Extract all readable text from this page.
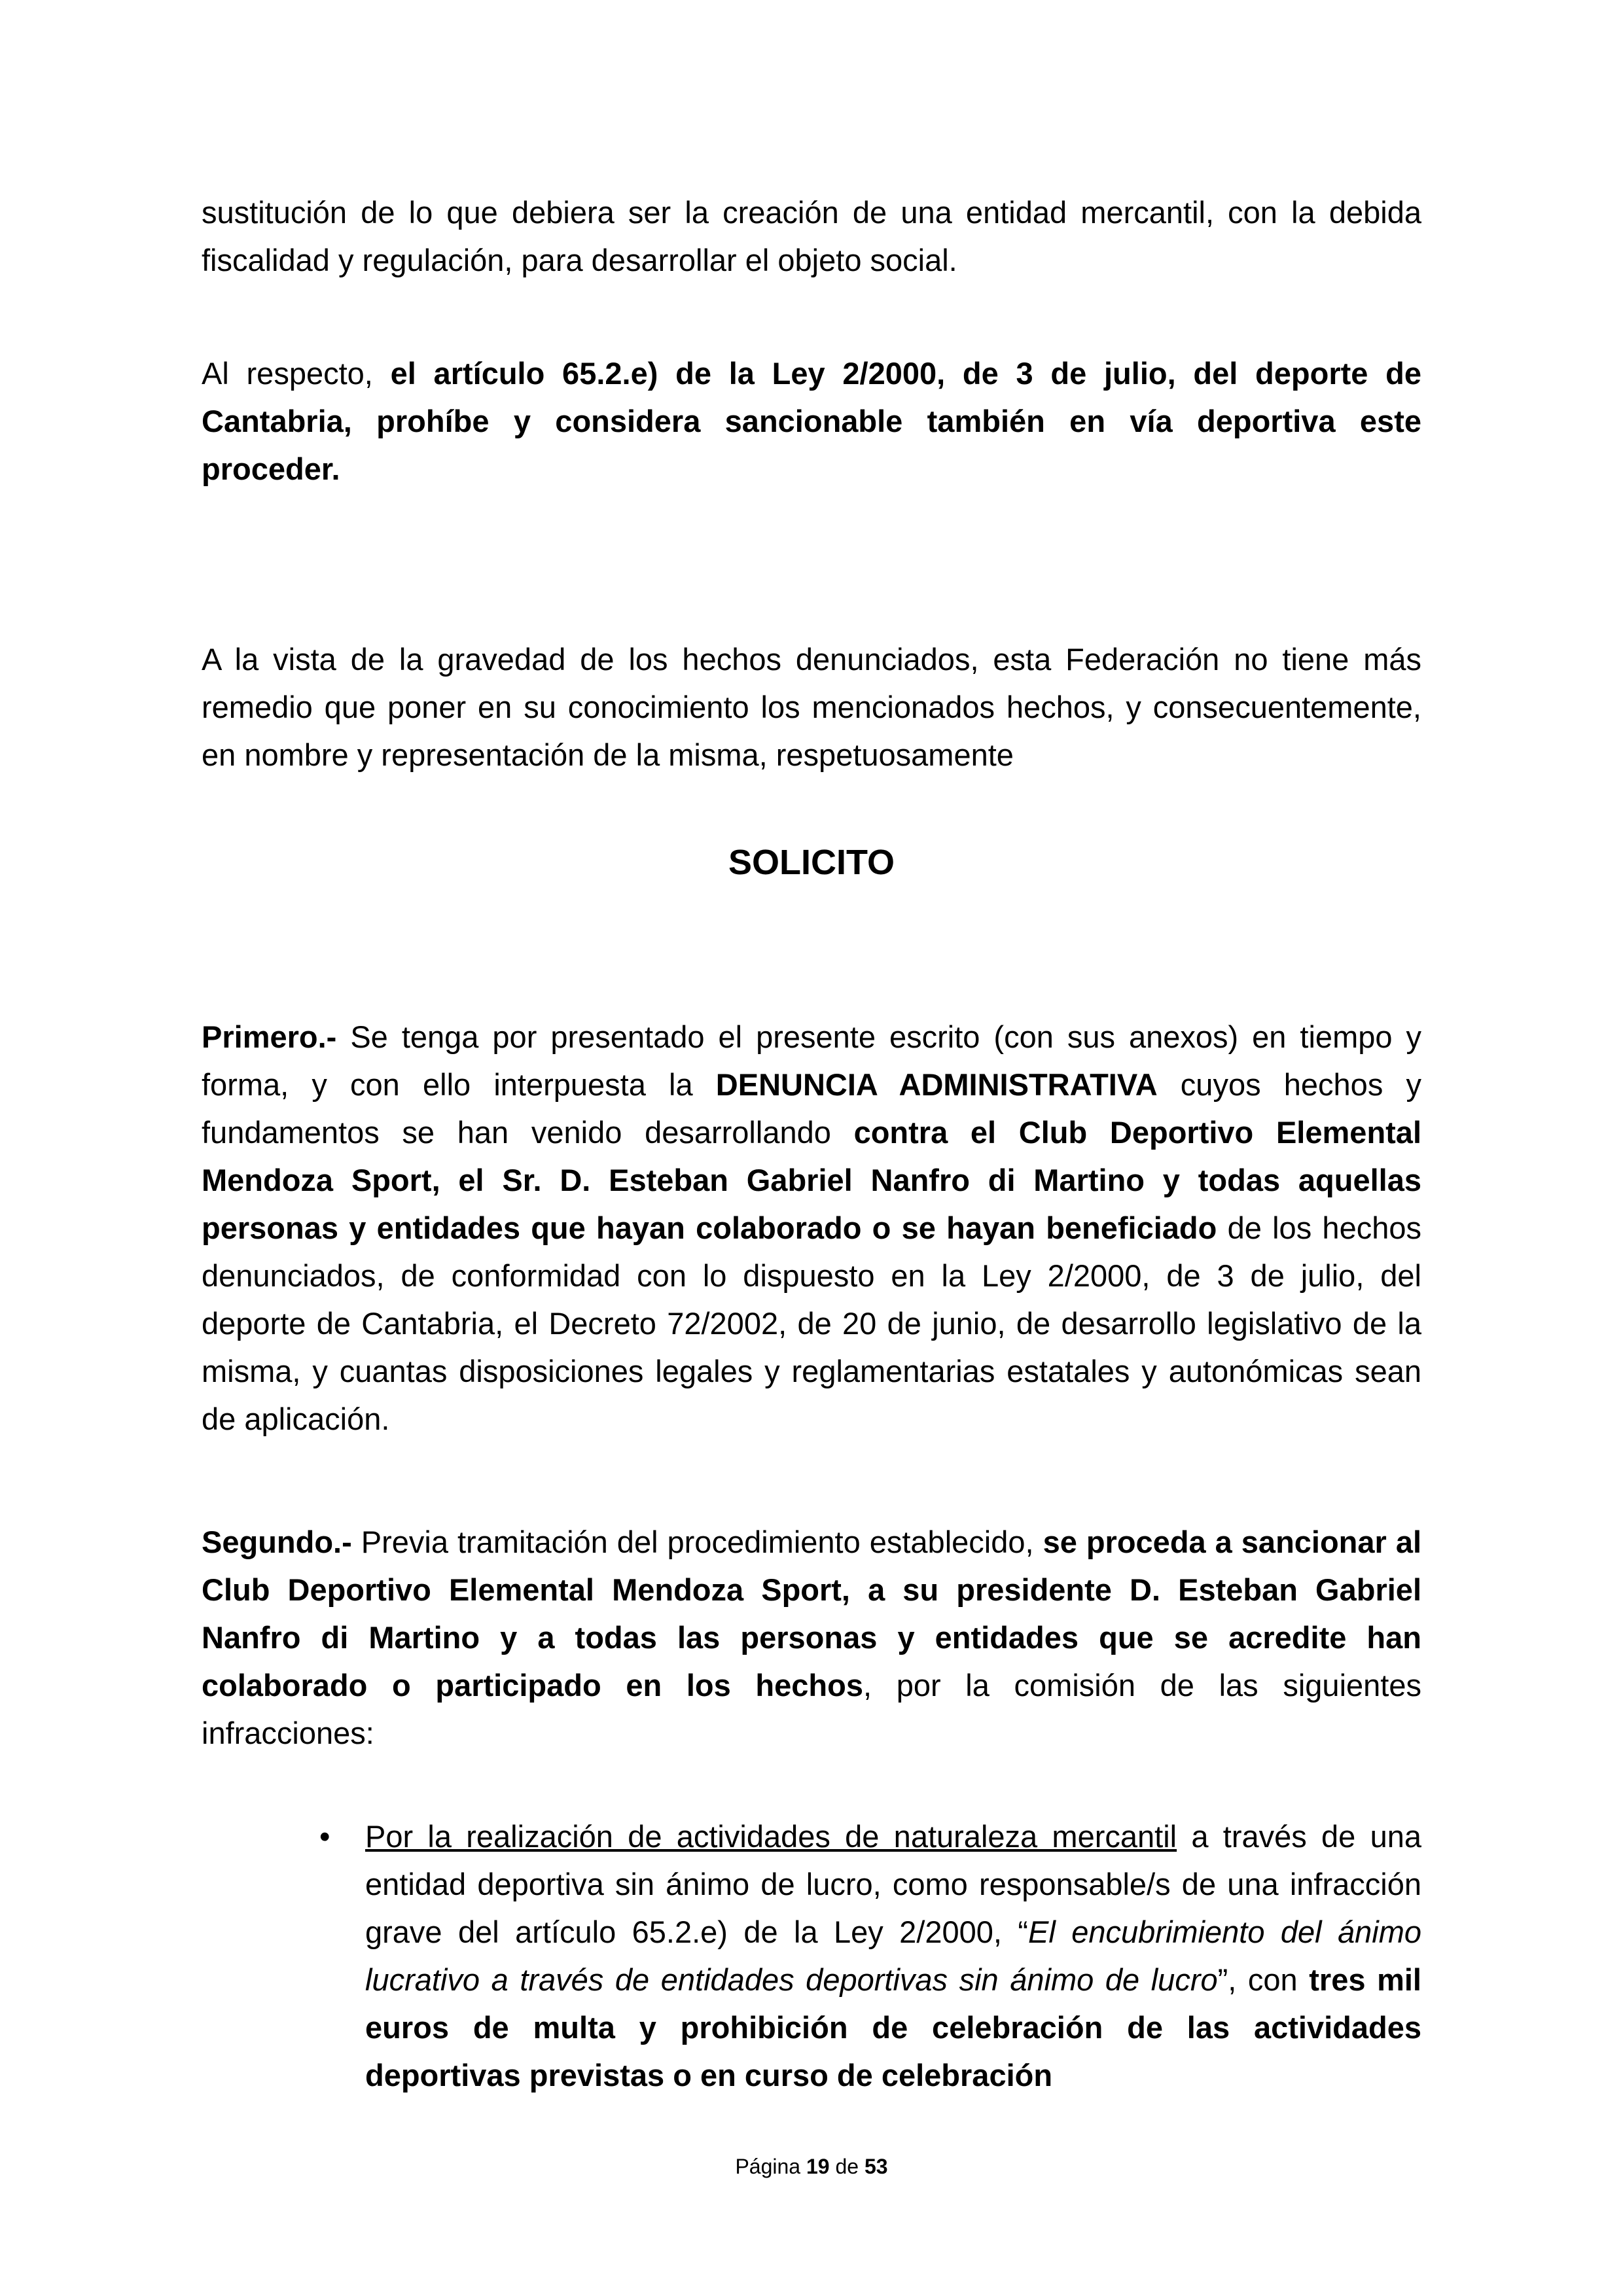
sustitución de lo que debiera ser la creación de una entidad mercantil, con la debida fiscalidad y regulación, para desarrollar el objeto social.

Al respecto, el artículo 65.2.e) de la Ley 2/2000, de 3 de julio, del deporte de Cantabria, prohíbe y considera sancionable también en vía deportiva este proceder.

A la vista de la gravedad de los hechos denunciados, esta Federación no tiene más remedio que poner en su conocimiento los mencionados hechos, y consecuentemente, en nombre y representación de la misma, respetuosamente

SOLICITO

Primero.- Se tenga por presentado el presente escrito (con sus anexos) en tiempo y forma, y con ello interpuesta la DENUNCIA ADMINISTRATIVA cuyos hechos y fundamentos se han venido desarrollando contra el Club Deportivo Elemental Mendoza Sport, el Sr. D. Esteban Gabriel Nanfro di Martino y todas aquellas personas y entidades que hayan colaborado o se hayan beneficiado de los hechos denunciados, de conformidad con lo dispuesto en la Ley 2/2000, de 3 de julio, del deporte de Cantabria, el Decreto 72/2002, de 20 de junio, de desarrollo legislativo de la misma, y cuantas disposiciones legales y reglamentarias estatales y autonómicas sean de aplicación.

Segundo.- Previa tramitación del procedimiento establecido, se proceda a sancionar al Club Deportivo Elemental Mendoza Sport, a su presidente D. Esteban Gabriel Nanfro di Martino y a todas las personas y entidades que se acredite han colaborado o participado en los hechos, por la comisión de las siguientes infracciones:

• Por la realización de actividades de naturaleza mercantil a través de una entidad deportiva sin ánimo de lucro, como responsable/s de una infracción grave del artículo 65.2.e) de la Ley 2/2000, “El encubrimiento del ánimo lucrativo a través de entidades deportivas sin ánimo de lucro”, con tres mil euros de multa y prohibición de celebración de las actividades deportivas previstas o en curso de celebración
Página 19 de 53
